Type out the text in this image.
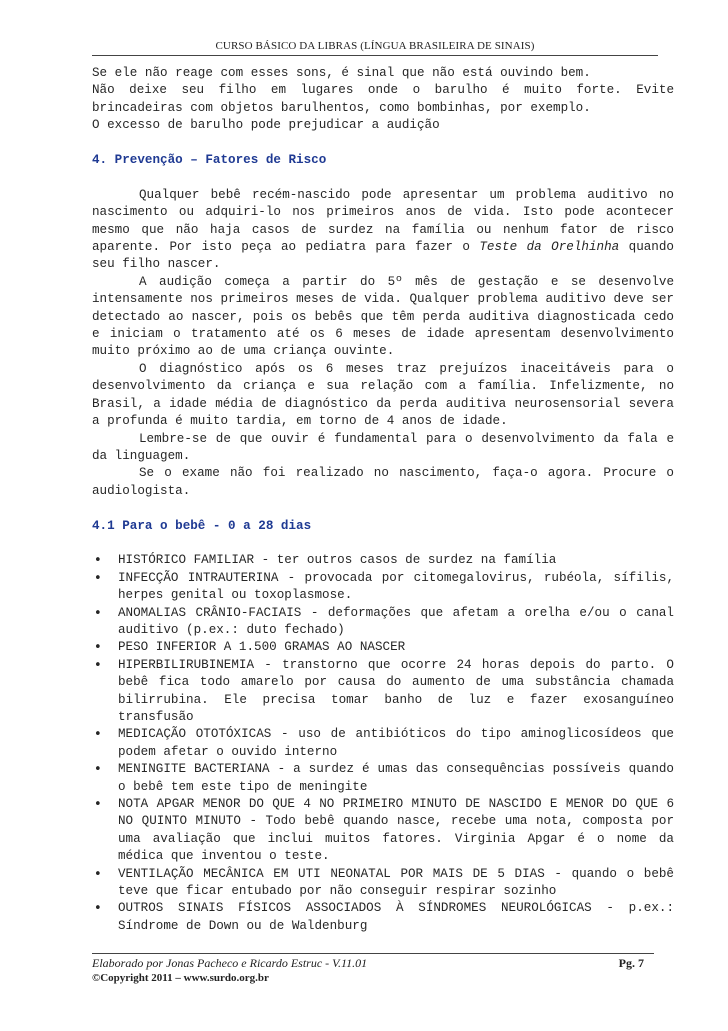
CURSO BÁSICO DA LIBRAS (LÍNGUA BRASILEIRA DE SINAIS)

Se ele não reage com esses sons, é sinal que não está ouvindo bem.

Não deixe seu filho em lugares onde o barulho é muito forte. Evite brincadeiras com objetos barulhentos, como bombinhas, por exemplo.

O excesso de barulho pode prejudicar a audição

4. Prevenção – Fatores de Risco

Qualquer bebê recém-nascido pode apresentar um problema auditivo no nascimento ou adquiri-lo nos primeiros anos de vida. Isto pode acontecer mesmo que não haja casos de surdez na família ou nenhum fator de risco aparente. Por isto peça ao pediatra para fazer o Teste da Orelhinha quando seu filho nascer.

A audição começa a partir do 5º mês de gestação e se desenvolve intensamente nos primeiros meses de vida. Qualquer problema auditivo deve ser detectado ao nascer, pois os bebês que têm perda auditiva diagnosticada cedo e iniciam o tratamento até os 6 meses de idade apresentam desenvolvimento muito próximo ao de uma criança ouvinte.

O diagnóstico após os 6 meses traz prejuízos inaceitáveis para o desenvolvimento da criança e sua relação com a família. Infelizmente, no Brasil, a idade média de diagnóstico da perda auditiva neurosensorial severa a profunda é muito tardia, em torno de 4 anos de idade.

Lembre-se de que ouvir é fundamental para o desenvolvimento da fala e da linguagem.

Se o exame não foi realizado no nascimento, faça-o agora. Procure o audiologista.

4.1 Para o bebê - 0 a 28 dias
• HISTÓRICO FAMILIAR - ter outros casos de surdez na família
• INFECÇÃO INTRAUTERINA - provocada por citomegalovirus, rubéola, sífilis, herpes genital ou toxoplasmose.
• ANOMALIAS CRÂNIO-FACIAIS - deformações que afetam a orelha e/ou o canal auditivo (p.ex.: duto fechado)
• PESO INFERIOR A 1.500 GRAMAS AO NASCER
• HIPERBILIRUBINEMIA - transtorno que ocorre 24 horas depois do parto. O bebê fica todo amarelo por causa do aumento de uma substância chamada bilirrubina. Ele precisa tomar banho de luz e fazer exosanguíneo transfusão
• MEDICAÇÃO OTOTÓXICAS - uso de antibióticos do tipo aminoglicosídeos que podem afetar o ouvido interno
• MENINGITE BACTERIANA - a surdez é umas das consequências possíveis quando o bebê tem este tipo de meningite
• NOTA APGAR MENOR DO QUE 4 NO PRIMEIRO MINUTO DE NASCIDO E MENOR DO QUE 6 NO QUINTO MINUTO - Todo bebê quando nasce, recebe uma nota, composta por uma avaliação que inclui muitos fatores. Virginia Apgar é o nome da médica que inventou o teste.
• VENTILAÇÃO MECÂNICA EM UTI NEONATAL POR MAIS DE 5 DIAS - quando o bebê teve que ficar entubado por não conseguir respirar sozinho
• OUTROS SINAIS FÍSICOS ASSOCIADOS À SÍNDROMES NEUROLÓGICAS - p.ex.: Síndrome de Down ou de Waldenburg
Elaborado por Jonas Pacheco e Ricardo Estruc - V.11.01	Pg. 7
©Copyright 2011 – www.surdo.org.br
